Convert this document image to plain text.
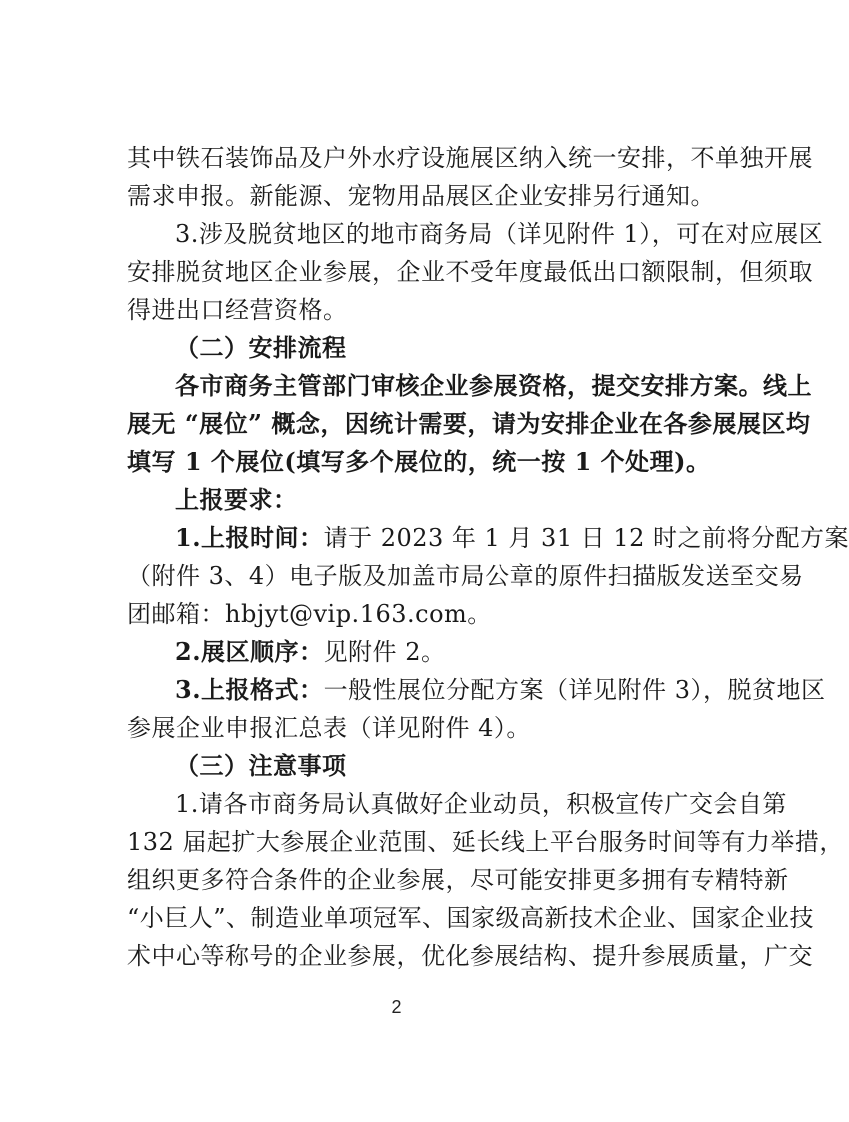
其中铁石装饰品及户外水疗设施展区纳入统一安排，不单独开展
需求申报。新能源、宠物用品展区企业安排另行通知。
3.涉及脱贫地区的地市商务局（详见附件 1），可在对应展区
安排脱贫地区企业参展，企业不受年度最低出口额限制，但须取
得进出口经营资格。
（二）安排流程
各市商务主管部门审核企业参展资格，提交安排方案。线上
展无 “展位” 概念，因统计需要，请为安排企业在各参展展区均
填写 1 个展位(填写多个展位的，统一按 1 个处理)。
上报要求：
1.上报时间：请于 2023 年 1 月 31 日 12 时之前将分配方案
（附件 3、4）电子版及加盖市局公章的原件扫描版发送至交易
团邮箱：hbjyt@vip.163.com。
2.展区顺序：见附件 2。
3.上报格式：一般性展位分配方案（详见附件 3），脱贫地区
参展企业申报汇总表（详见附件 4）。
（三）注意事项
1.请各市商务局认真做好企业动员，积极宣传广交会自第
132 届起扩大参展企业范围、延长线上平台服务时间等有力举措，
组织更多符合条件的企业参展，尽可能安排更多拥有专精特新
“小巨人”、制造业单项冠军、国家级高新技术企业、国家企业技
术中心等称号的企业参展，优化参展结构、提升参展质量，广交
2
